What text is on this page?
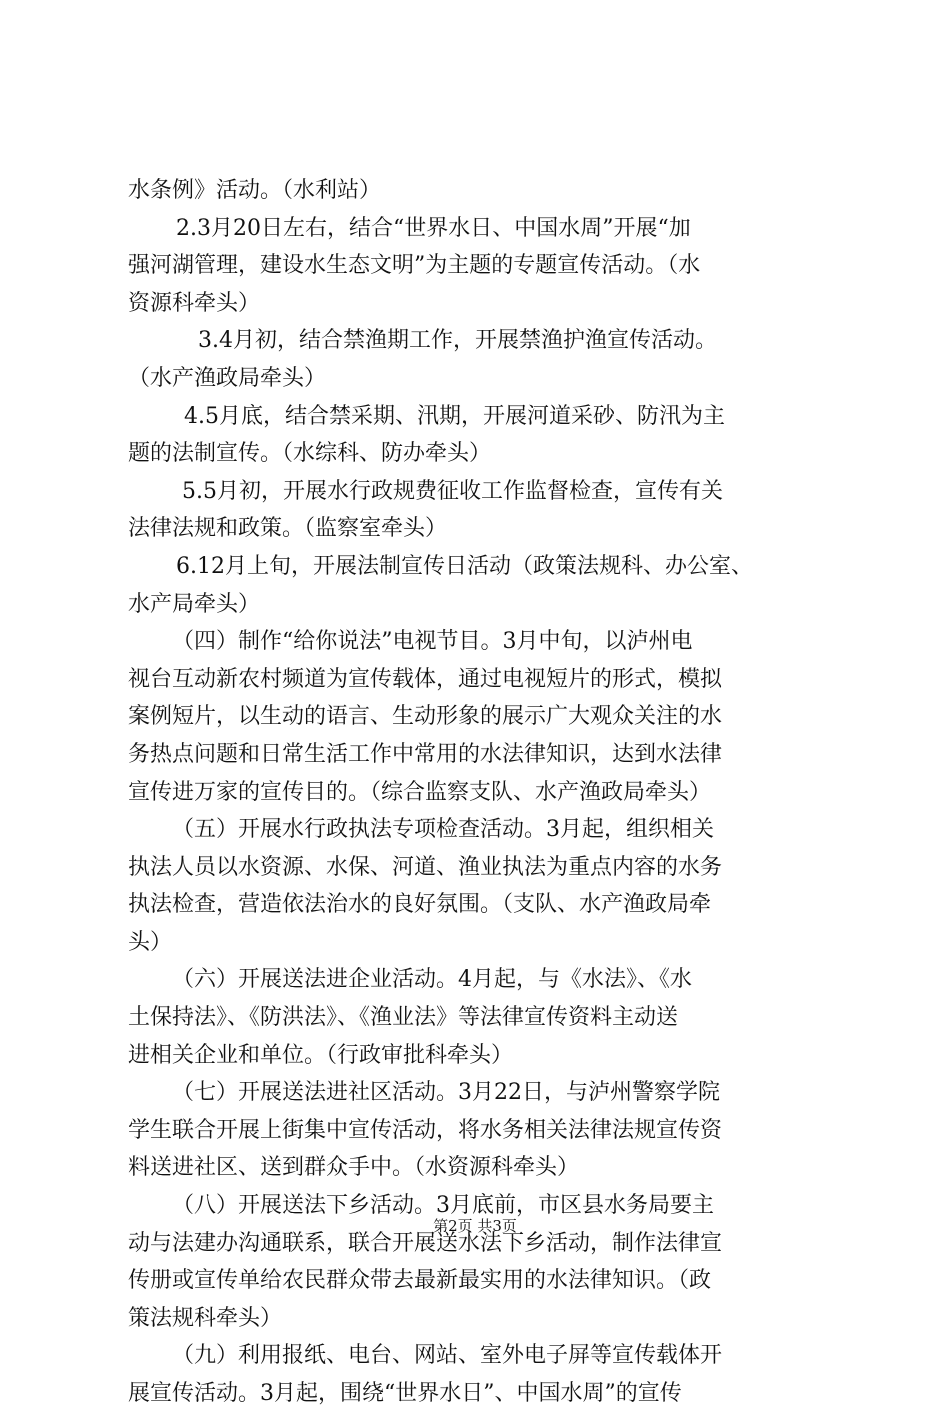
水条例》活动。（水利站）
2.3月20日左右，结合“世界水日、中国水周”开展“加
强河湖管理，建设水生态文明”为主题的专题宣传活动。（水
资源科牵头）
3.4月初，结合禁渔期工作，开展禁渔护渔宣传活动。
（水产渔政局牵头）
4.5月底，结合禁采期、汛期，开展河道采砂、防汛为主
题的法制宣传。（水综科、防办牵头）
5.5月初，开展水行政规费征收工作监督检查，宣传有关
法律法规和政策。（监察室牵头）
6.12月上旬，开展法制宣传日活动（政策法规科、办公室、
水产局牵头）
（四）制作“给你说法”电视节目。3月中旬，以泸州电
视台互动新农村频道为宣传载体，通过电视短片的形式，模拟
案例短片，以生动的语言、生动形象的展示广大观众关注的水
务热点问题和日常生活工作中常用的水法律知识，达到水法律
宣传进万家的宣传目的。（综合监察支队、水产渔政局牵头）
（五）开展水行政执法专项检查活动。3月起，组织相关
执法人员以水资源、水保、河道、渔业执法为重点内容的水务
执法检查，营造依法治水的良好氛围。（支队、水产渔政局牵
头）
（六）开展送法进企业活动。4月起，与《水法》、《水
土保持法》、《防洪法》、《渔业法》等法律宣传资料主动送
进相关企业和单位。（行政审批科牵头）
（七）开展送法进社区活动。3月22日，与泸州警察学院
学生联合开展上街集中宣传活动，将水务相关法律法规宣传资
料送进社区、送到群众手中。（水资源科牵头）
（八）开展送法下乡活动。3月底前，市区县水务局要主
动与法建办沟通联系，联合开展送水法下乡活动，制作法律宣
传册或宣传单给农民群众带去最新最实用的水法律知识。（政
策法规科牵头）
（九）利用报纸、电台、网站、室外电子屏等宣传载体开
展宣传活动。3月起，围绕“世界水日”、中国水周”的宣传
第2页 共3页
